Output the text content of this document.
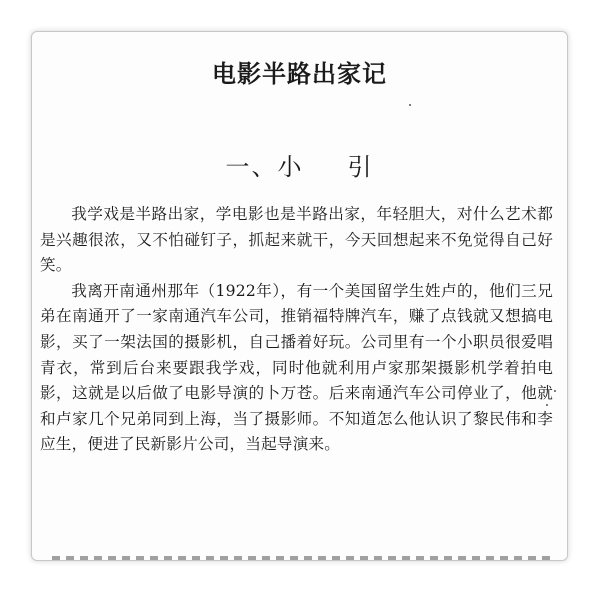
电影半路出家记
一、小 引

我学戏是半路出家，学电影也是半路出家，年轻胆大，对什么艺术都是兴趣很浓，又不怕碰钉子，抓起来就干，今天回想起来不免觉得自己好笑。

我离开南通州那年（1922年），有一个美国留学生姓卢的，他们三兄弟在南通开了一家南通汽车公司，推销福特牌汽车，赚了点钱就又想搞电影，买了一架法国的摄影机，自己播着好玩。公司里有一个小职员很爱唱青衣，常到后台来要跟我学戏，同时他就利用卢家那架摄影机学着拍电影，这就是以后做了电影导演的卜万苍。后来南通汽车公司停业了，他就和卢家几个兄弟同到上海，当了摄影师。不知道怎么他认识了黎民伟和李应生，便进了民新影片公司，当起导演来。
